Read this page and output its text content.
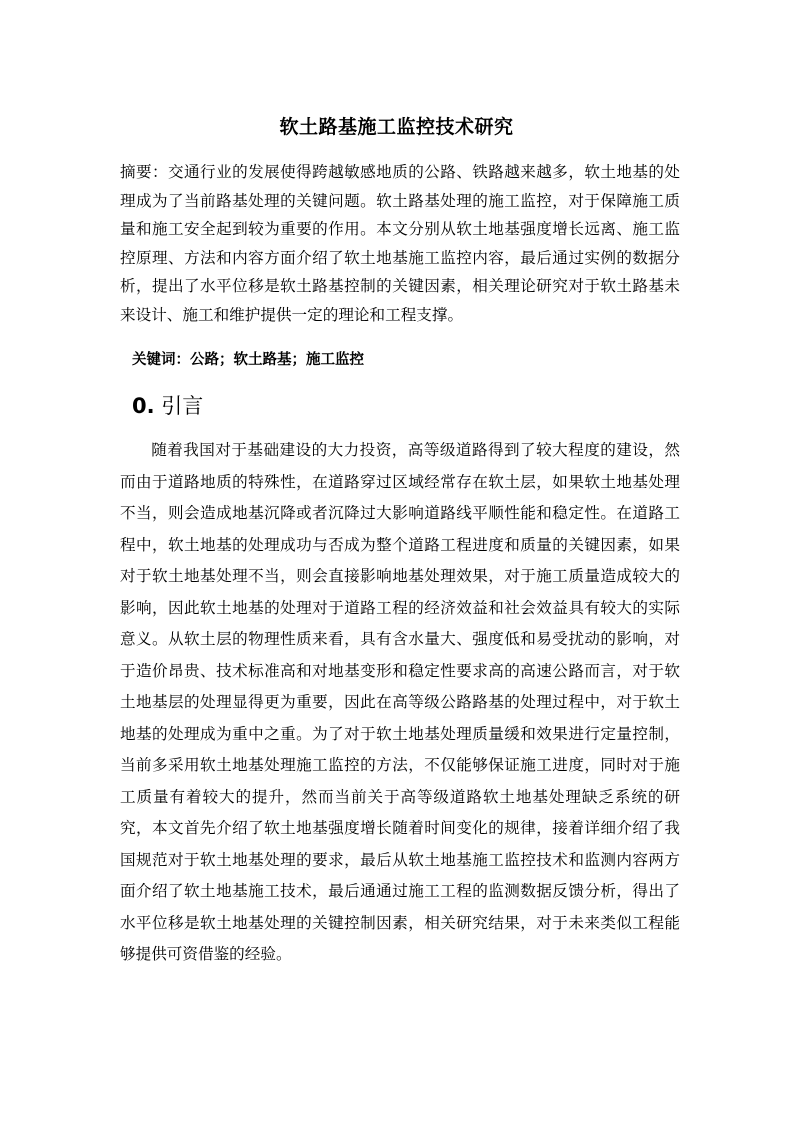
软土路基施工监控技术研究

摘要：交通行业的发展使得跨越敏感地质的公路、铁路越来越多，软土地基的处理成为了当前路基处理的关键问题。软土路基处理的施工监控，对于保障施工质量和施工安全起到较为重要的作用。本文分别从软土地基强度增长远离、施工监控原理、方法和内容方面介绍了软土地基施工监控内容，最后通过实例的数据分析，提出了水平位移是软土路基控制的关键因素，相关理论研究对于软土路基未来设计、施工和维护提供一定的理论和工程支撑。

关键词：公路；软土路基；施工监控
0. 引言

随着我国对于基础建设的大力投资，高等级道路得到了较大程度的建设，然而由于道路地质的特殊性，在道路穿过区域经常存在软土层，如果软土地基处理不当，则会造成地基沉降或者沉降过大影响道路线平顺性能和稳定性。在道路工程中，软土地基的处理成功与否成为整个道路工程进度和质量的关键因素，如果对于软土地基处理不当，则会直接影响地基处理效果，对于施工质量造成较大的影响，因此软土地基的处理对于道路工程的经济效益和社会效益具有较大的实际意义。从软土层的物理性质来看，具有含水量大、强度低和易受扰动的影响，对于造价昂贵、技术标准高和对地基变形和稳定性要求高的高速公路而言，对于软土地基层的处理显得更为重要，因此在高等级公路路基的处理过程中，对于软土地基的处理成为重中之重。为了对于软土地基处理质量缓和效果进行定量控制，当前多采用软土地基处理施工监控的方法，不仅能够保证施工进度，同时对于施工质量有着较大的提升，然而当前关于高等级道路软土地基处理缺乏系统的研究，本文首先介绍了软土地基强度增长随着时间变化的规律，接着详细介绍了我国规范对于软土地基处理的要求，最后从软土地基施工监控技术和监测内容两方面介绍了软土地基施工技术，最后通通过施工工程的监测数据反馈分析，得出了水平位移是软土地基处理的关键控制因素，相关研究结果，对于未来类似工程能够提供可资借鉴的经验。
